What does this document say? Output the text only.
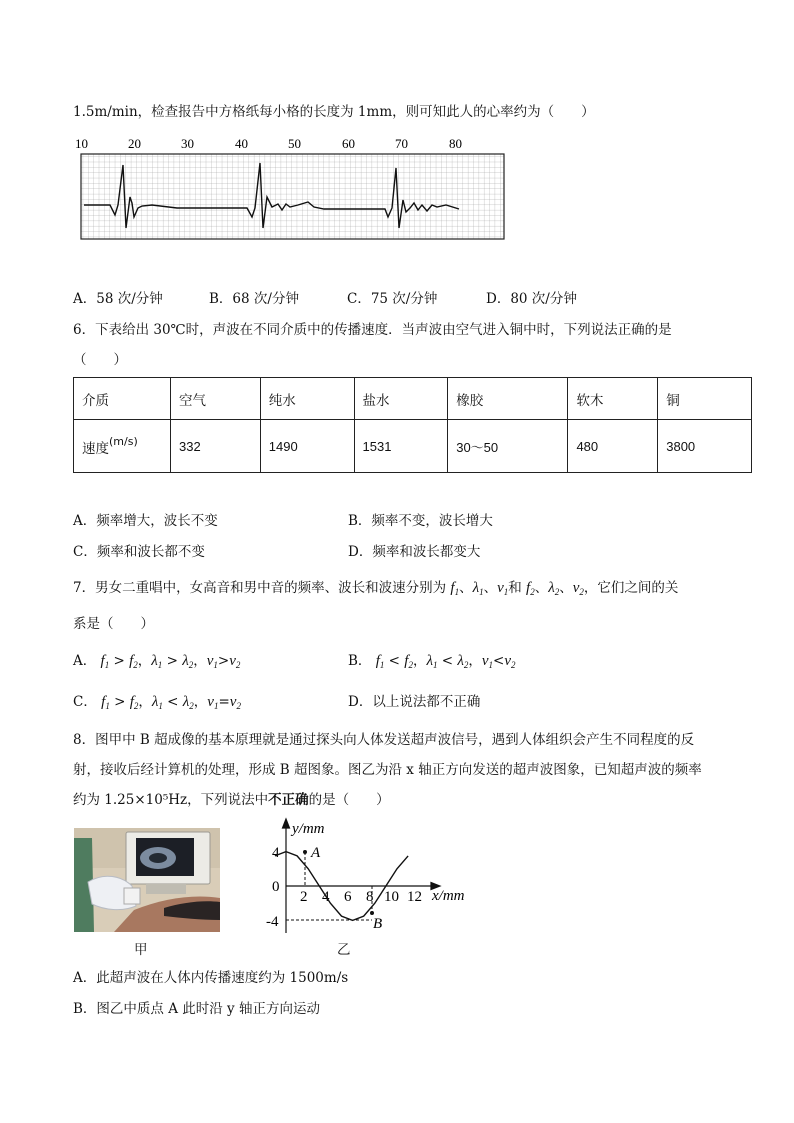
1.5m/min，检查报告中方格纸每小格的长度为 1mm，则可知此人的心率约为（　　）
10	20	30	40	50	60	70	80
A．58 次/分钟	B．68 次/分钟	C．75 次/分钟	D．80 次/分钟
6．下表给出 30℃时，声波在不同介质中的传播速度．当声波由空气进入铜中时，下列说法正确的是
（　　）
介质	空气	纯水	盐水	橡胶	软木	铜
速度$^{(m/s)}$	332	1490	1531	30～50	480	3800
A．频率增大，波长不变	B．频率不变，波长增大
C．频率和波长都不变	D．频率和波长都变大
7．男女二重唱中，女高音和男中音的频率、波长和波速分别为 $f_1$、$\lambda_1$、$v_1$和 $f_2$、$\lambda_2$、$v_2$，它们之间的关
系是（　　）
A． $f_1 > f_2$，$\lambda_1 > \lambda_2$，$v_1>v_2$	B． $f_1 < f_2$，$\lambda_1 < \lambda_2$，$v_1<v_2$
C． $f_1 > f_2$，$\lambda_1 < \lambda_2$，$v_1=v_2$	D．以上说法都不正确
8．图甲中 B 超成像的基本原理就是通过探头向人体发送超声波信号，遇到人体组织会产生不同程度的反
射，接收后经计算机的处理，形成 B 超图象。图乙为沿 x 轴正方向发送的超声波图象，已知超声波的频率
约为 1.25×10⁵Hz，下列说法中不正确的是（　　）
甲
y/mm
x/mm
4
0
-4
2 4 6 8 10 12
A
B
乙
A．此超声波在人体内传播速度约为 1500m/s
B．图乙中质点 A 此时沿 y 轴正方向运动
